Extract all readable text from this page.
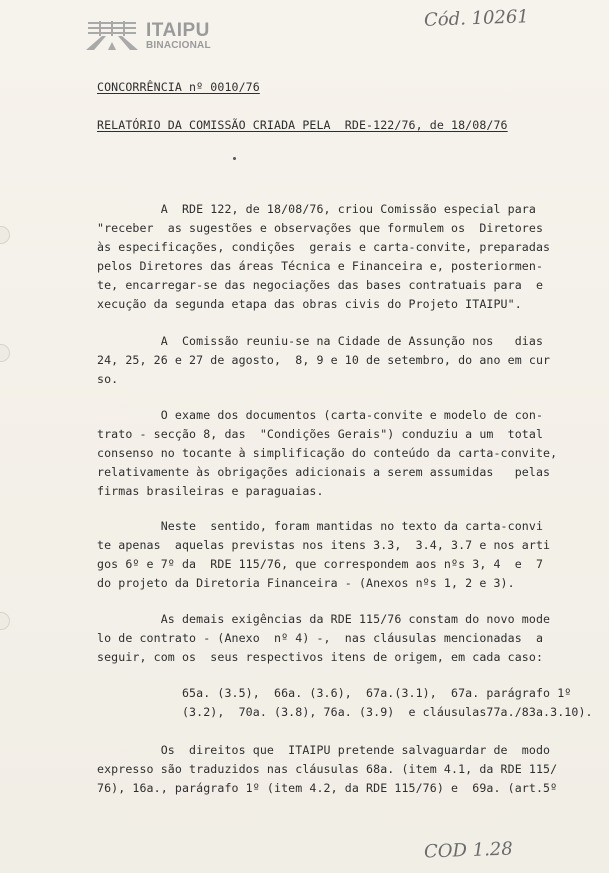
ITAIPU
BINACIONAL
Cód. 10261
CONCORRÊNCIA nº 0010/76
RELATÓRIO DA COMISSÃO CRIADA PELA  RDE-122/76, de 18/08/76
A  RDE 122, de 18/08/76, criou Comissão especial para
"receber  as sugestões e observações que formulem os  Diretores
às especificações, condições  gerais e carta-convite, preparadas
pelos Diretores das áreas Técnica e Financeira e, posteriormen-
te, encarregar-se das negociações das bases contratuais para  e
xecução da segunda etapa das obras civis do Projeto ITAIPU".
A  Comissão reuniu-se na Cidade de Assunção nos   dias
24, 25, 26 e 27 de agosto,  8, 9 e 10 de setembro, do ano em cur
so.
O exame dos documentos (carta-convite e modelo de con-
trato - secção 8, das  "Condições Gerais") conduziu a um  total
consenso no tocante à simplificação do conteúdo da carta-convite,
relativamente às obrigações adicionais a serem assumidas   pelas
firmas brasileiras e paraguaias.
Neste  sentido, foram mantidas no texto da carta-convi
te apenas  aquelas previstas nos itens 3.3,  3.4, 3.7 e nos arti
gos 6º e 7º da  RDE 115/76, que correspondem aos nºs 3, 4  e  7
do projeto da Diretoria Financeira - (Anexos nºs 1, 2 e 3).
As demais exigências da RDE 115/76 constam do novo mode
lo de contrato - (Anexo  nº 4) -,  nas cláusulas mencionadas  a
seguir, com os  seus respectivos itens de origem, em cada caso:
65a. (3.5),  66a. (3.6),  67a.(3.1),  67a. parágrafo 1º
(3.2),  70a. (3.8), 76a. (3.9)  e cláusulas77a./83a.3.10).
Os  direitos que  ITAIPU pretende salvaguardar de  modo
expresso são traduzidos nas cláusulas 68a. (item 4.1, da RDE 115/
76), 16a., parágrafo 1º (item 4.2, da RDE 115/76) e  69a. (art.5º
COD 1.28
